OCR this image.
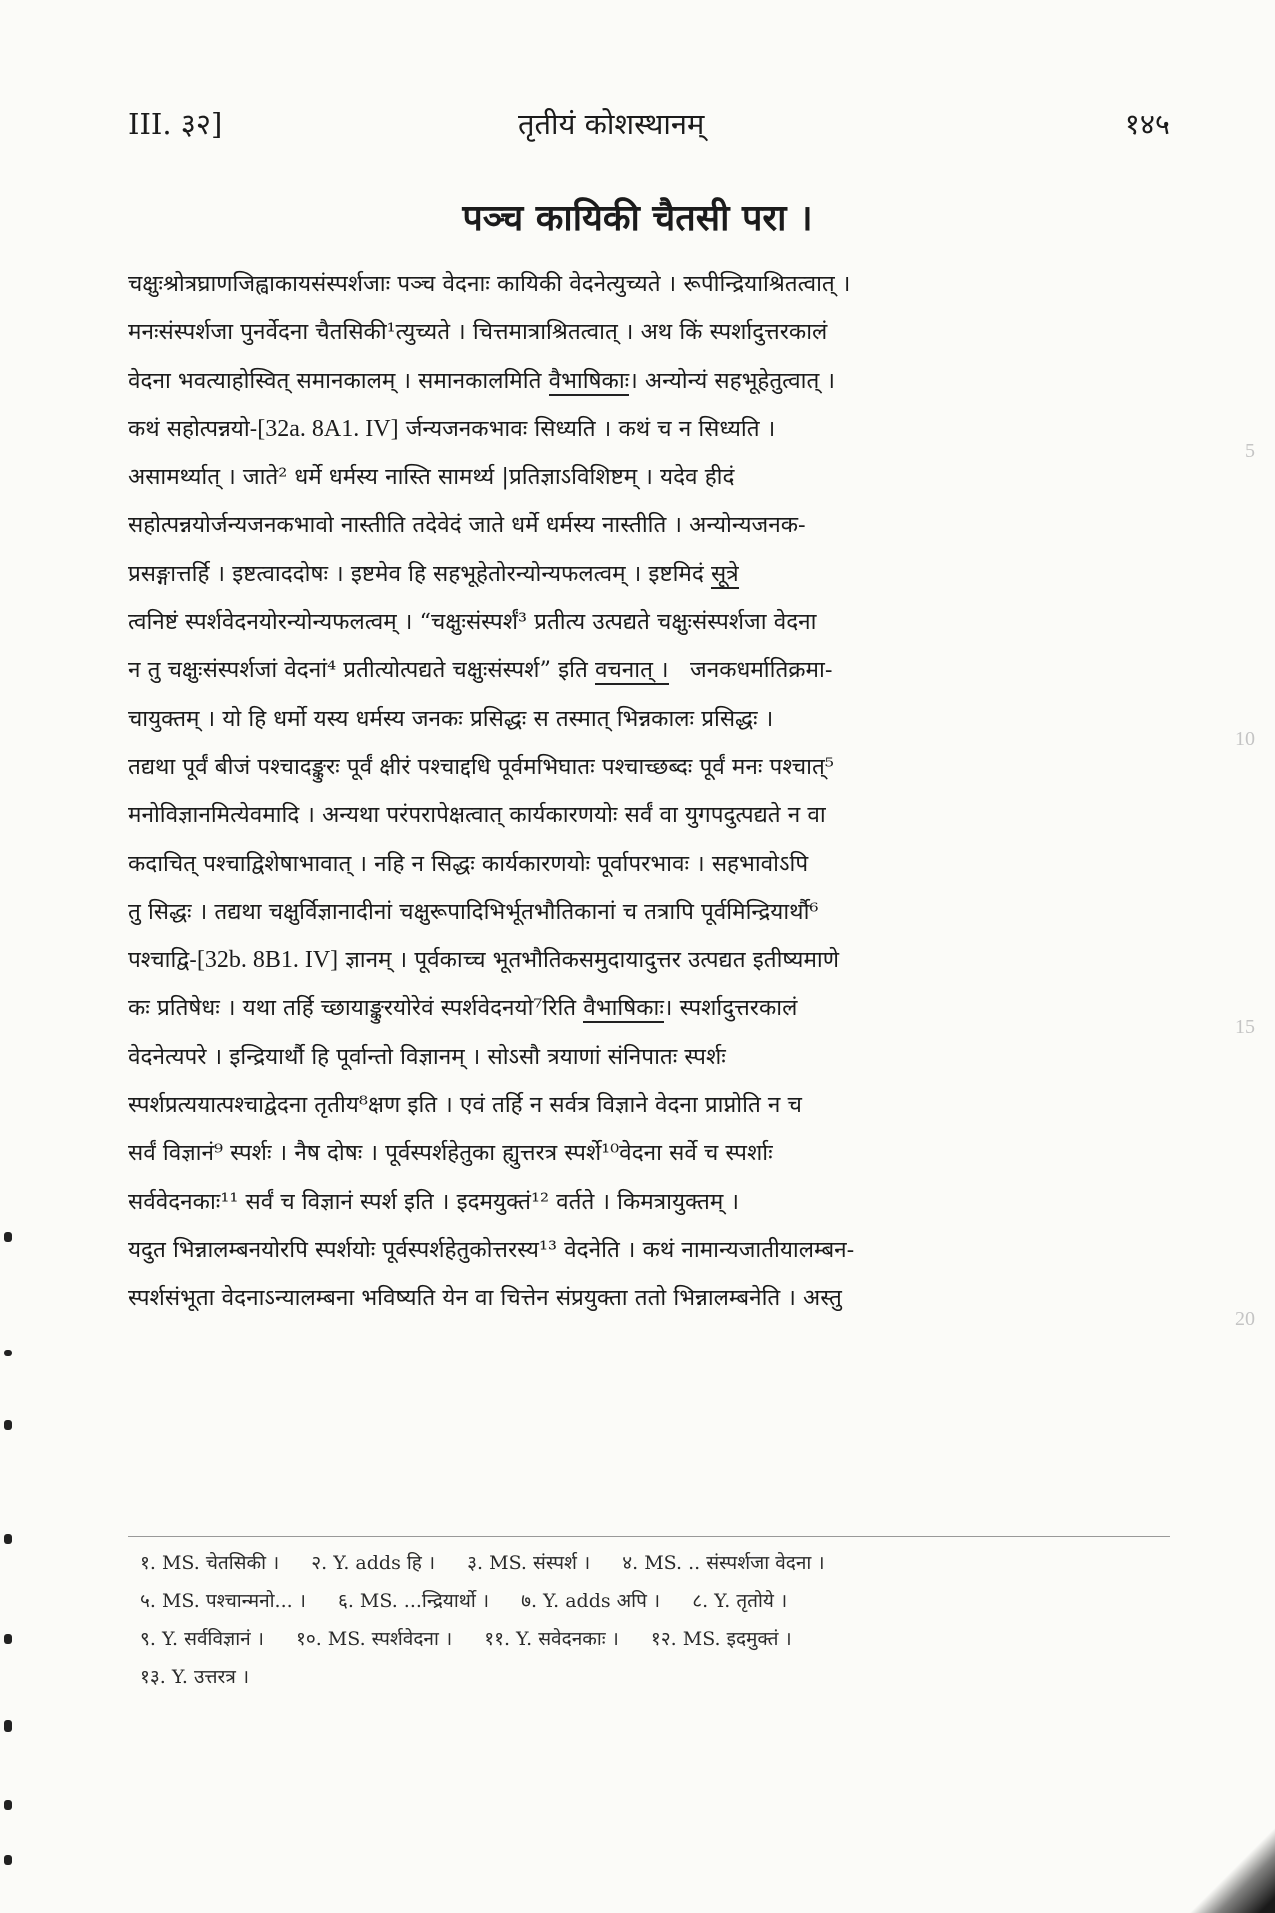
III. ३२]	तृतीयं कोशस्थानम्	१४५
पञ्च कायिकी चैतसी परा ।
चक्षुःश्रोत्रघ्राणजिह्वाकायसंस्पर्शजाः पञ्च वेदनाः कायिकी वेदनेत्युच्यते । रूपीन्द्रियाश्रितत्वात् ।
मनःसंस्पर्शजा पुनर्वेदना चैतसिकी¹त्युच्यते । चित्तमात्राश्रितत्वात् । अथ किं स्पर्शादुत्तरकालं
वेदना भवत्याहोस्वित् समानकालम् । समानकालमिति वैभाषिकाः। अन्योन्यं सहभूहेतुत्वात् ।
कथं सहोत्पन्नयो-[32a. 8A1. IV] र्जन्यजनकभावः सिध्यति । कथं च न सिध्यति ।
असामर्थ्यात् । जाते² धर्मे धर्मस्य नास्ति सामर्थ्य |प्रतिज्ञाऽविशिष्टम् । यदेव हीदं
सहोत्पन्नयोर्जन्यजनकभावो नास्तीति तदेवेदं जाते धर्मे धर्मस्य नास्तीति । अन्योन्यजनक-
प्रसङ्गात्तर्हि । इष्टत्वाददोषः । इष्टमेव हि सहभूहेतोरन्योन्यफलत्वम् । इष्टमिदं सूत्रे
त्वनिष्टं स्पर्शवेदनयोरन्योन्यफलत्वम् । “चक्षुःसंस्पर्शं³ प्रतीत्य उत्पद्यते चक्षुःसंस्पर्शजा वेदना
न तु चक्षुःसंस्पर्शजां वेदनां⁴ प्रतीत्योत्पद्यते चक्षुःसंस्पर्श” इति वचनात् । जनकधर्मातिक्रमा-
चायुक्तम् । यो हि धर्मो यस्य धर्मस्य जनकः प्रसिद्धः स तस्मात् भिन्नकालः प्रसिद्धः ।
तद्यथा पूर्वं बीजं पश्चादङ्कुरः पूर्वं क्षीरं पश्चाद्दधि पूर्वमभिघातः पश्चाच्छब्दः पूर्वं मनः पश्चात्⁵
मनोविज्ञानमित्येवमादि । अन्यथा परंपरापेक्षत्वात् कार्यकारणयोः सर्वं वा युगपदुत्पद्यते न वा
कदाचित् पश्चाद्विशेषाभावात् । नहि न सिद्धः कार्यकारणयोः पूर्वापरभावः । सहभावोऽपि
तु सिद्धः । तद्यथा चक्षुर्विज्ञानादीनां चक्षुरूपादिभिर्भूतभौतिकानां च तत्रापि पूर्वमिन्द्रियार्थौ⁶
पश्चाद्वि-[32b. 8B1. IV] ज्ञानम् । पूर्वकाच्च भूतभौतिकसमुदायादुत्तर उत्पद्यत इतीष्यमाणे
कः प्रतिषेधः । यथा तर्हि च्छायाङ्कुरयोरेवं स्पर्शवेदनयो⁷रिति वैभाषिकाः। स्पर्शादुत्तरकालं
वेदनेत्यपरे । इन्द्रियार्थौ हि पूर्वान्तो विज्ञानम् । सोऽसौ त्रयाणां संनिपातः स्पर्शः
स्पर्शप्रत्ययात्पश्चाद्वेदना तृतीय⁸क्षण इति । एवं तर्हि न सर्वत्र विज्ञाने वेदना प्राप्नोति न च
सर्वं विज्ञानं⁹ स्पर्शः । नैष दोषः । पूर्वस्पर्शहेतुका ह्युत्तरत्र स्पर्शे¹⁰वेदना सर्वे च स्पर्शाः
सर्ववेदनकाः¹¹ सर्वं च विज्ञानं स्पर्श इति । इदमयुक्तं¹² वर्तते । किमत्रायुक्तम् ।
यदुत भिन्नालम्बनयोरपि स्पर्शयोः पूर्वस्पर्शहेतुकोत्तरस्य¹³ वेदनेति । कथं नामान्यजातीयालम्बन-
स्पर्शसंभूता वेदनाऽन्यालम्बना भविष्यति येन वा चित्तेन संप्रयुक्ता ततो भिन्नालम्बनेति । अस्तु
5
10
15
20
१. MS. चेतसिकी । २. Y. adds हि । ३. MS. संस्पर्श । ४. MS. .. संस्पर्शजा वेदना ।
५. MS. पश्चान्मनो... । ६. MS. ...न्द्रियार्थो । ७. Y. adds अपि । ८. Y. तृतोये ।
९. Y. सर्वविज्ञानं । १०. MS. स्पर्शवेदना । ११. Y. सवेदनकाः । १२. MS. इदमुक्तं ।
१३. Y. उत्तरत्र ।
